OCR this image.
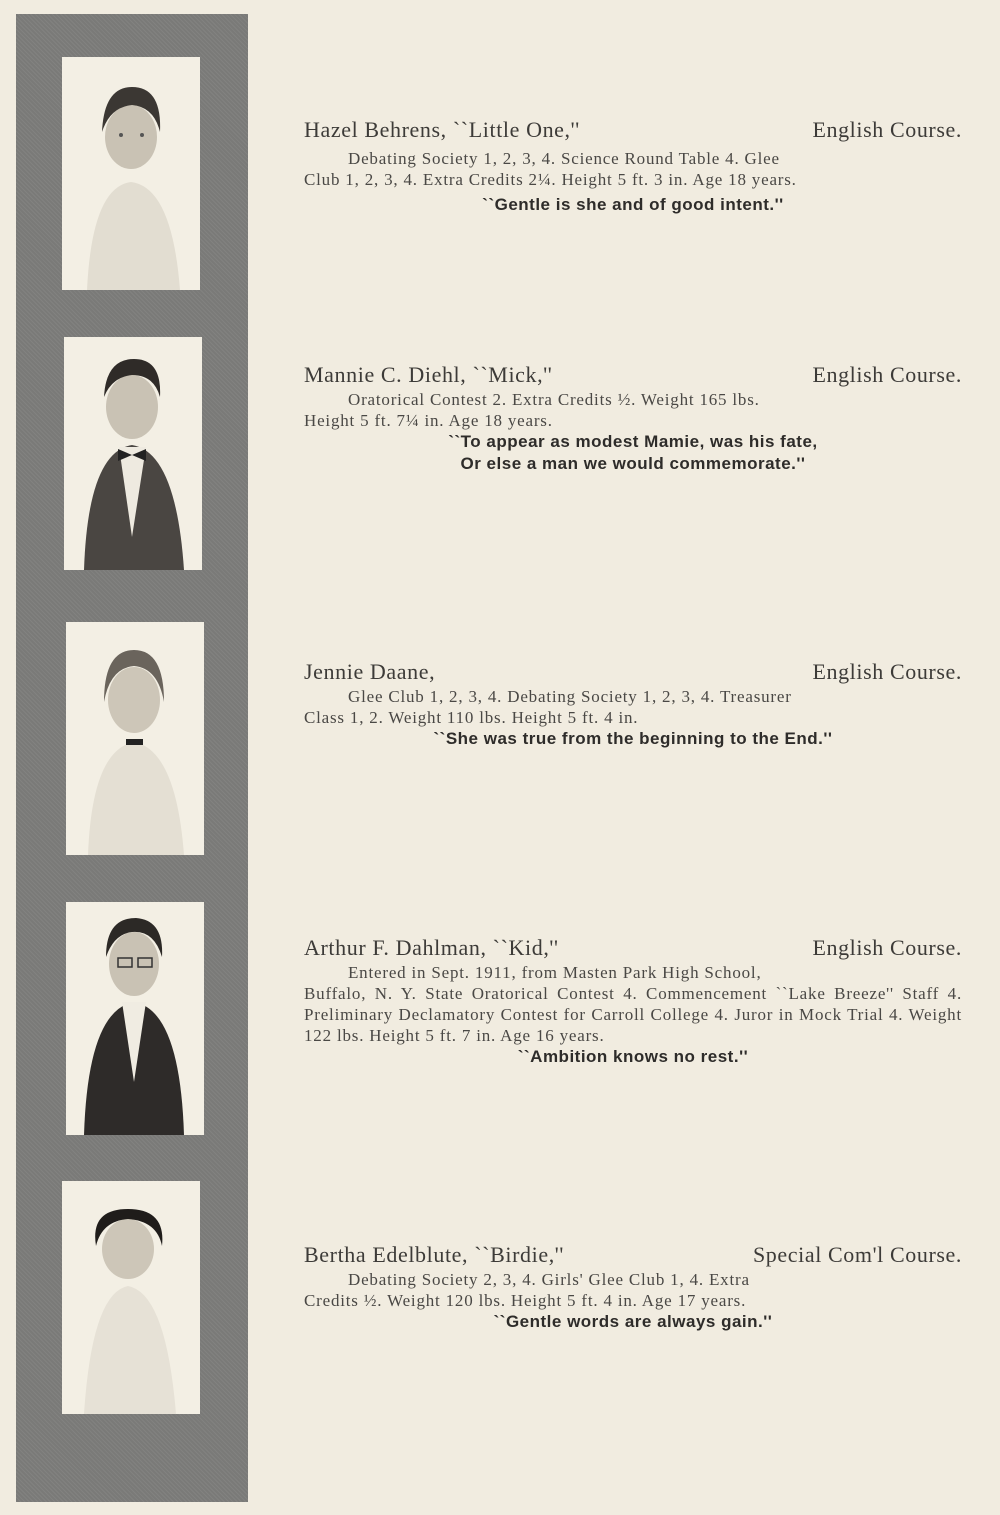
Hazel Behrens, ``Little One,''	English Course.
Debating Society 1, 2, 3, 4. Science Round Table 4. Glee
Club 1, 2, 3, 4. Extra Credits 2¼. Height 5 ft. 3 in. Age 18 years.
``Gentle is she and of good intent.''
Mannie C. Diehl, ``Mick,''	English Course.
Oratorical Contest 2. Extra Credits ½. Weight 165 lbs.
Height 5 ft. 7¼ in. Age 18 years.
``To appear as modest Mamie, was his fate,
Or else a man we would commemorate.''
Jennie Daane,	English Course.
Glee Club 1, 2, 3, 4. Debating Society 1, 2, 3, 4. Treasurer
Class 1, 2. Weight 110 lbs. Height 5 ft. 4 in.
``She was true from the beginning to the End.''
Arthur F. Dahlman, ``Kid,''	English Course.
Entered in Sept. 1911, from Masten Park High School,
Buffalo, N. Y. State Oratorical Contest 4. Commencement ``Lake Breeze'' Staff 4. Preliminary Declamatory Contest for Carroll College 4. Juror in Mock Trial 4. Weight 122 lbs. Height 5 ft. 7 in. Age 16 years.
``Ambition knows no rest.''
Bertha Edelblute, ``Birdie,''	Special Com'l Course.
Debating Society 2, 3, 4. Girls' Glee Club 1, 4. Extra
Credits ½. Weight 120 lbs. Height 5 ft. 4 in. Age 17 years.
``Gentle words are always gain.''
